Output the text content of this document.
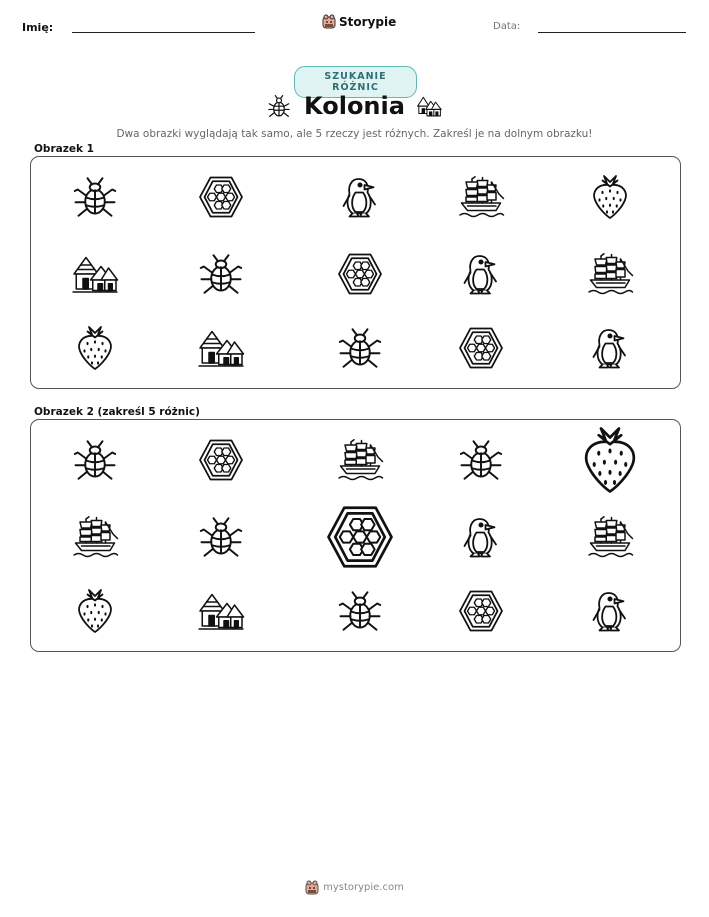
Imię:	Storypie	Data:
SZUKANIE RÓŻNIC
Kolonia
Dwa obrazki wyglądają tak samo, ale 5 rzeczy jest różnych. Zakreśl je na dolnym obrazku!
Obrazek 1
Obrazek 2 (zakreśl 5 różnic)
mystorypie.com
